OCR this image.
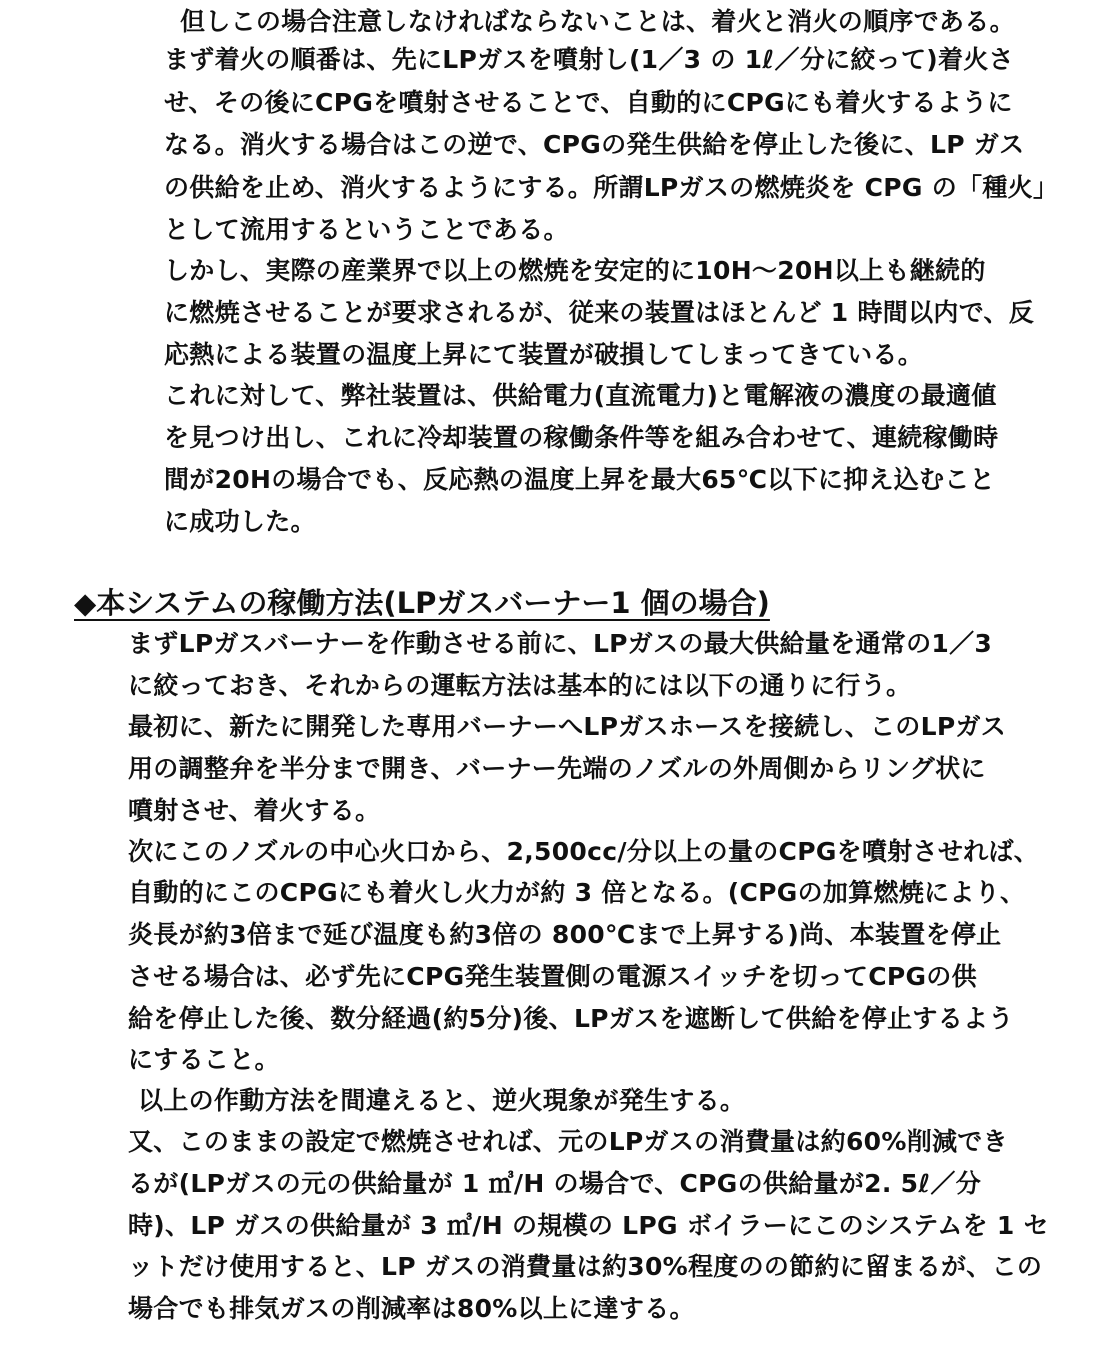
但しこの場合注意しなければならないことは、着火と消火の順序である。

まず着火の順番は、先にLPガスを噴射し(1／3 の 1ℓ／分に絞って)着火さ

せ、その後にCPGを噴射させることで、自動的にCPGにも着火するように

なる。消火する場合はこの逆で、CPGの発生供給を停止した後に、LP ガス

の供給を止め、消火するようにする。所謂LPガスの燃焼炎を CPG の「種火」

として流用するということである。

しかし、実際の産業界で以上の燃焼を安定的に10H～20H以上も継続的

に燃焼させることが要求されるが、従来の装置はほとんど 1 時間以内で、反

応熱による装置の温度上昇にて装置が破損してしまってきている。

これに対して、弊社装置は、供給電力(直流電力)と電解液の濃度の最適値

を見つけ出し、これに冷却装置の稼働条件等を組み合わせて、連続稼働時

間が20Hの場合でも、反応熱の温度上昇を最大65℃以下に抑え込むこと

に成功した。

◆本システムの稼働方法(LPガスバーナー1 個の場合)

まずLPガスバーナーを作動させる前に、LPガスの最大供給量を通常の1／3

に絞っておき、それからの運転方法は基本的には以下の通りに行う。

最初に、新たに開発した専用バーナーへLPガスホースを接続し、このLPガス

用の調整弁を半分まで開き、バーナー先端のノズルの外周側からリング状に

噴射させ、着火する。

次にこのノズルの中心火口から、2,500cc/分以上の量のCPGを噴射させれば、

自動的にこのCPGにも着火し火力が約 3 倍となる。(CPGの加算燃焼により、

炎長が約3倍まで延び温度も約3倍の 800℃まで上昇する)尚、本装置を停止

させる場合は、必ず先にCPG発生装置側の電源スイッチを切ってCPGの供

給を停止した後、数分経過(約5分)後、LPガスを遮断して供給を停止するよう

にすること。

以上の作動方法を間違えると、逆火現象が発生する。

又、このままの設定で燃焼させれば、元のLPガスの消費量は約60%削減でき

るが(LPガスの元の供給量が 1 ㎥/H の場合で、CPGの供給量が2. 5ℓ／分

時)、LP ガスの供給量が 3 ㎥/H の規模の LPG ボイラーにこのシステムを 1 セ

ットだけ使用すると、LP ガスの消費量は約30%程度のの節約に留まるが、この

場合でも排気ガスの削減率は80%以上に達する。
